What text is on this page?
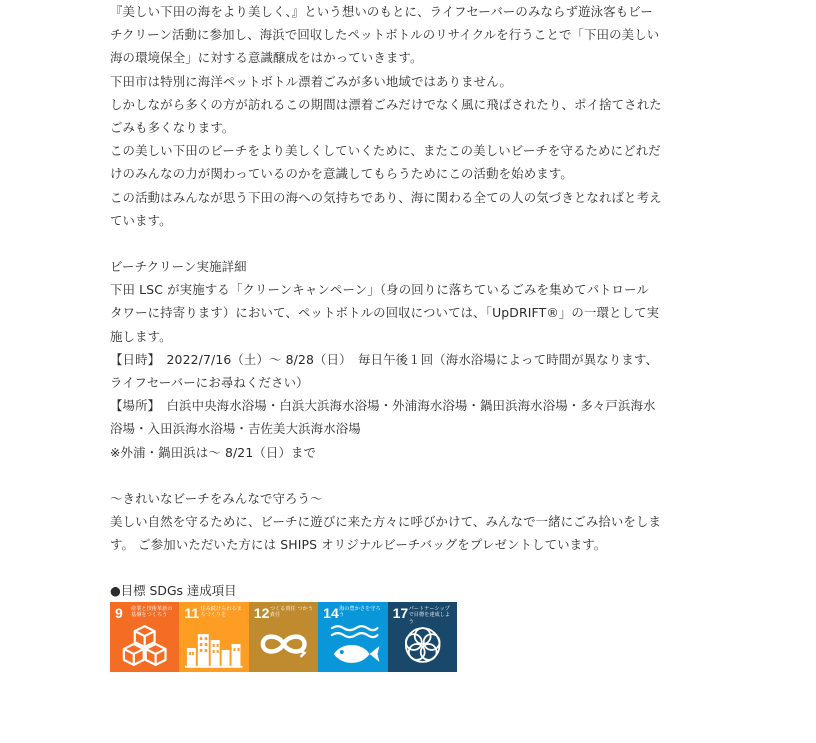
『美しい下田の海をより美しく、』という想いのもとに、ライフセーバーのみならず遊泳客もビー
チクリーン活動に参加し、海浜で回収したペットボトルのリサイクルを行うことで「下田の美しい
海の環境保全」に対する意識醸成をはかっていきます。
下田市は特別に海洋ペットボトル漂着ごみが多い地域ではありません。
しかしながら多くの方が訪れるこの期間は漂着ごみだけでなく風に飛ばされたり、ポイ捨てされた
ごみも多くなります。
この美しい下田のビーチをより美しくしていくために、またこの美しいビーチを守るためにどれだ
けのみんなの力が関わっているのかを意識してもらうためにこの活動を始めます。
この活動はみんなが思う下田の海への気持ちであり、海に関わる全ての人の気づきとなればと考え
ています。
ビーチクリーン実施詳細
下田 LSC が実施する「クリーンキャンペーン」（身の回りに落ちているごみを集めてパトロール
タワーに持寄ります）において、ペットボトルの回収については、「UpDRIFT®」の一環として実
施します。
【日時】　2022/7/16（土）～ 8/28（日）　毎日午後１回（海水浴場によって時間が異なります、
ライフセーバーにお尋ねください）
【場所】　白浜中央海水浴場・白浜大浜海水浴場・外浦海水浴場・鍋田浜海水浴場・多々戸浜海水
浴場・入田浜海水浴場・吉佐美大浜海水浴場
※外浦・鍋田浜は～ 8/21（日）まで
～きれいなビーチをみんなで守ろう～
美しい自然を守るために、ビーチに遊びに来た方々に呼びかけて、みんなで一緒にごみ拾いをしま
す。 ご参加いただいた方には SHIPS オリジナルビーチバッグをプレゼントしています。
●目標 SDGs 達成項目
9 産業と技術革新の基盤をつくろう	11 住み続けられるまちづくりを	12 つくる責任 つかう責任	14 海の豊かさを守ろう	17 パートナーシップで目標を達成しよう
